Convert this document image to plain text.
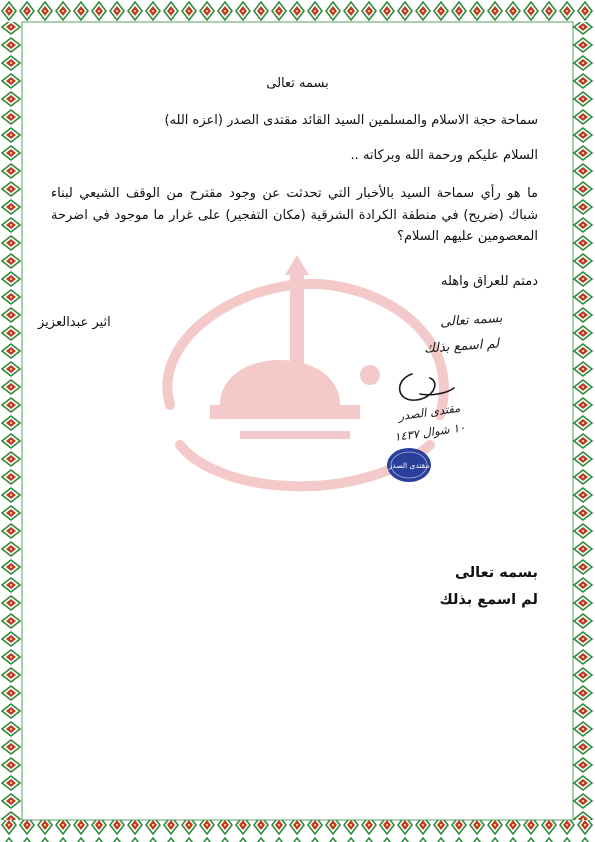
بسمه تعالى
سماحة حجة الاسلام والمسلمين السيد القائد مقتدى الصدر (اعزه الله)
السلام عليكم ورحمة الله وبركاته ..
ما هو رأي سماحة السيد بالأخبار التي تحدثت عن وجود مقترح من الوقف الشيعي لبناء شباك (ضريح) في منطقة الكرادة الشرقية (مكان التفجير) على غرار ما موجود في اضرحة المعصومين عليهم السلام؟
دمتم للعراق واهله
اثير عبدالعزيز	بسمه تعالى
لم اسمع بذلك
مقتدى الصدر
١٠ شوال ١٤٣٧
مقتدى الصدر
بسمه تعالى
لم اسمع بذلك
